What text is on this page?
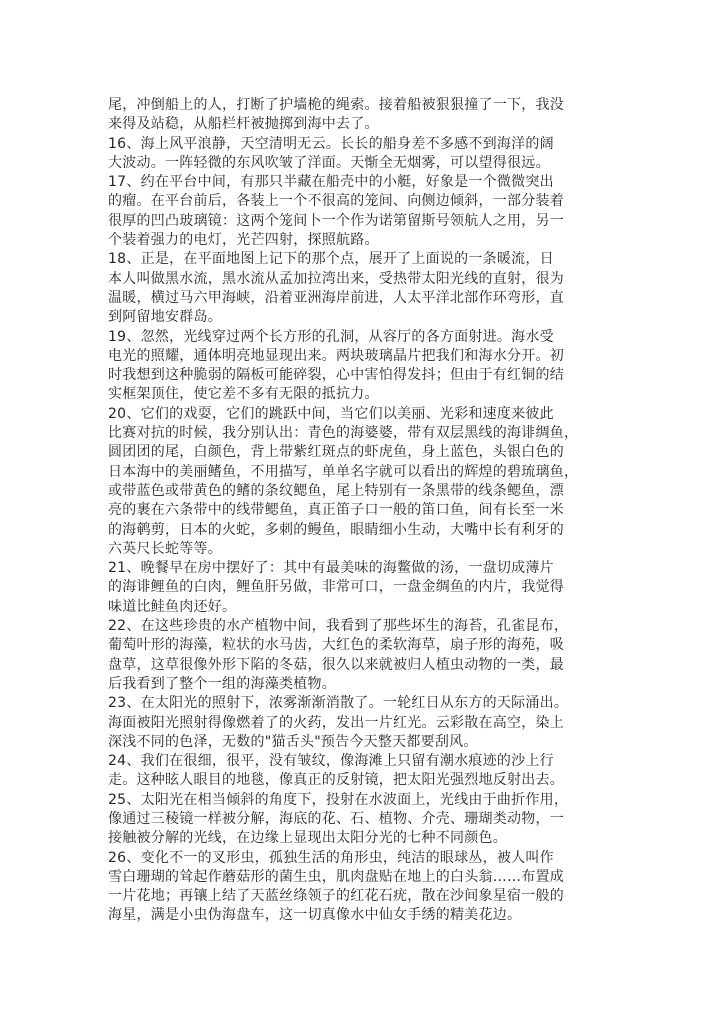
尾，冲倒船上的人，打断了护墙桅的绳索。接着船被狠狠撞了一下，我没
来得及站稳，从船栏杆被抛掷到海中去了。
16、海上风平浪静，天空清明无云。长长的船身差不多感不到海洋的阔
大波动。一阵轻微的东风吹皱了洋面。天惭全无烟雾，可以望得很远。
17、约在平台中间，有那只半藏在船壳中的小艇，好象是一个微微突出
的瘤。在平台前后，各装上一个不很高的笼间、向侧边倾斜，一部分装着
很厚的凹凸玻璃镜：这两个笼间卜一个作为诺第留斯号领航人之用，另一
个装着强力的电灯，光芒四射，探照航路。
18、正是，在平面地图上记下的那个点，展开了上面说的一条暖流，日
本人叫做黑水流，黑水流从孟加拉湾出来，受热带太阳光线的直射，很为
温暖，横过马六甲海峡，沿着亚洲海岸前进，人太平洋北部作环弯形，直
到阿留地安群岛。
19、忽然，光线穿过两个长方形的孔洞，从容厅的各方面射进。海水受
电光的照耀，通体明亮地显现出来。两块玻璃晶片把我们和海水分开。初
时我想到这种脆弱的隔板可能碎裂，心中害怕得发抖；但由于有红铜的结
实框架顶住，使它差不多有无限的抵抗力。
20、它们的戏耍，它们的跳跃中间，当它们以美丽、光彩和速度来彼此
比赛对抗的时候，我分别认出：青色的海婆婆，带有双层黑线的海诽绸鱼，
圆团团的尾，白颜色，背上带紫红斑点的虾虎鱼，身上蓝色，头银白色的
日本海中的美丽鳍鱼，不用描写，单单名字就可以看出的辉煌的碧琉璃鱼，
或带蓝色或带黄色的鳍的条纹鳃鱼，尾上特别有一条黑带的线条鳃鱼，漂
亮的裹在六条带中的线带鳃鱼，真正笛子口一般的笛口鱼，间有长至一米
的海鹌剪，日本的火蛇，多刺的鳗鱼，眼睛细小生动，大嘴中长有利牙的
六英尺长蛇等等。
21、晚餐早在房中摆好了：其中有最美味的海鳖做的汤，一盘切成薄片
的海诽鲤鱼的白肉，鲤鱼肝另做，非常可口，一盘金绸鱼的内片，我觉得
味道比鲑鱼肉还好。
22、在这些珍贵的水产植物中间，我看到了那些坏生的海苔，孔雀昆布，
葡萄叶形的海藻，粒状的水马齿，大红色的柔软海草，扇子形的海苑，吸
盘草，这草很像外形下陷的冬菇，很久以来就被归人植虫动物的一类，最
后我看到了整个一组的海藻类植物。
23、在太阳光的照射下，浓雾渐渐消散了。一轮红日从东方的天际涌出。
海面被阳光照射得像燃着了的火药，发出一片红光。云彩散在高空，染上
深浅不同的色泽，无数的"猫舌头"预告今天整天都要刮风。
24、我们在很细，很平，没有皱纹，像海滩上只留有潮水痕迹的沙上行
走。这种眩人眼目的地毯，像真正的反射镜，把太阳光强烈地反射出去。
25、太阳光在相当倾斜的角度下，投射在水波面上，光线由于曲折作用，
像通过三稜镜一样被分解，海底的花、石、植物、介壳、珊瑚类动物，一
接触被分解的光线，在边缘上显现出太阳分光的七种不同颜色。
26、变化不一的叉形虫，孤独生活的角形虫，纯洁的眼球丛，被人叫作
雪白珊瑚的耸起作蘑菇形的菌生虫，肌肉盘贴在地上的白头翁……布置成
一片花地；再镶上结了天蓝丝绦领子的红花石疣，散在沙间象星宿一般的
海星，满是小虫伪海盘车，这一切真像水中仙女手绣的精美花边。
